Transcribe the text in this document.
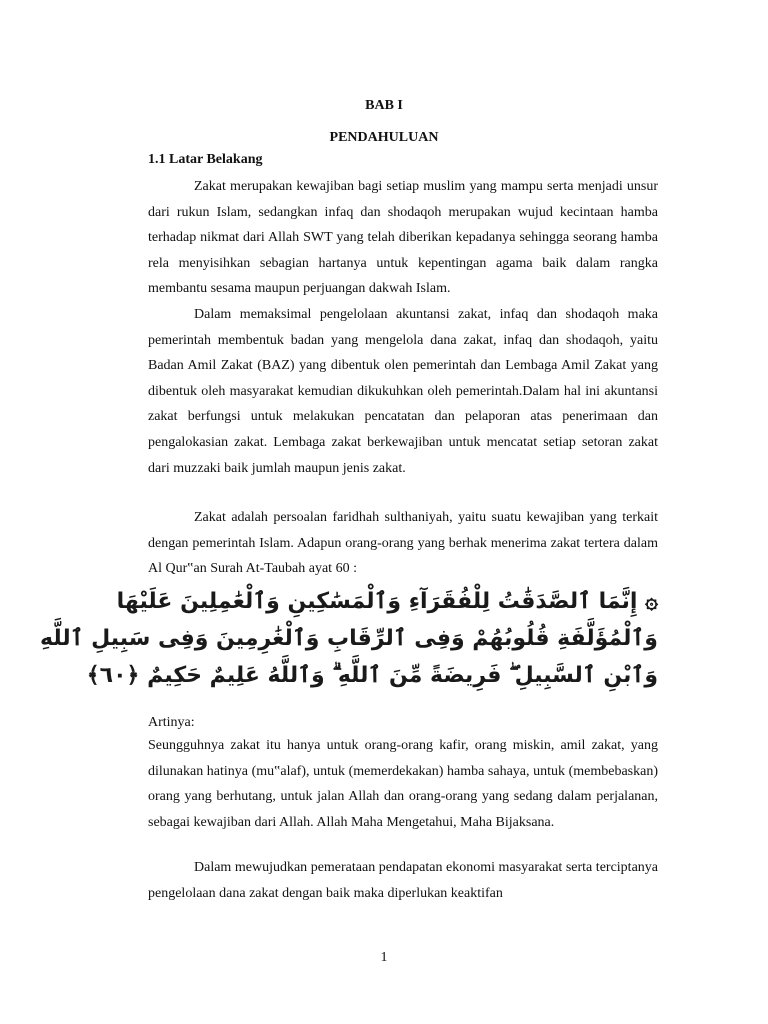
BAB I

PENDAHULUAN

1.1 Latar Belakang

Zakat merupakan kewajiban bagi setiap muslim yang mampu serta menjadi unsur dari rukun Islam, sedangkan infaq dan shodaqoh merupakan wujud kecintaan hamba terhadap nikmat dari Allah SWT yang telah diberikan kepadanya sehingga seorang hamba rela menyisihkan sebagian hartanya untuk kepentingan agama baik dalam rangka membantu sesama maupun perjuangan dakwah Islam.

Dalam memaksimal pengelolaan akuntansi zakat, infaq dan shodaqoh maka pemerintah membentuk badan yang mengelola dana zakat, infaq dan shodaqoh, yaitu Badan Amil Zakat (BAZ) yang dibentuk olen pemerintah dan Lembaga Amil Zakat yang dibentuk oleh masyarakat kemudian dikukuhkan oleh pemerintah.Dalam hal ini akuntansi zakat berfungsi untuk melakukan pencatatan dan pelaporan atas penerimaan dan pengalokasian zakat. Lembaga zakat berkewajiban untuk mencatat setiap setoran zakat dari muzzaki baik jumlah maupun jenis zakat.

Zakat adalah persoalan faridhah sulthaniyah, yaitu suatu kewajiban yang terkait dengan pemerintah Islam. Adapun orang-orang yang berhak menerima zakat tertera dalam Al Qur‟an Surah At-Taubah ayat 60 :

۞ إِنَّمَا ٱلصَّدَقَٰتُ لِلْفُقَرَآءِ وَٱلْمَسَٰكِينِ وَٱلْعَٰمِلِينَ عَلَيْهَا
وَٱلْمُؤَلَّفَةِ قُلُوبُهُمْ وَفِى ٱلرِّقَابِ وَٱلْغَٰرِمِينَ وَفِى سَبِيلِ ٱللَّهِ
وَٱبْنِ ٱلسَّبِيلِ ۖ فَرِيضَةً مِّنَ ٱللَّهِ ۗ وَٱللَّهُ عَلِيمٌ حَكِيمٌ ﴿٦٠﴾

Artinya:

Seungguhnya zakat itu hanya untuk orang-orang kafir, orang miskin, amil zakat, yang dilunakan hatinya (mu‟alaf), untuk (memerdekakan) hamba sahaya, untuk (membebaskan) orang yang berhutang, untuk jalan Allah dan orang-orang yang sedang dalam perjalanan, sebagai kewajiban dari Allah. Allah Maha Mengetahui, Maha Bijaksana.

Dalam mewujudkan pemerataan pendapatan ekonomi masyarakat serta terciptanya pengelolaan dana zakat dengan baik maka diperlukan keaktifan

1
